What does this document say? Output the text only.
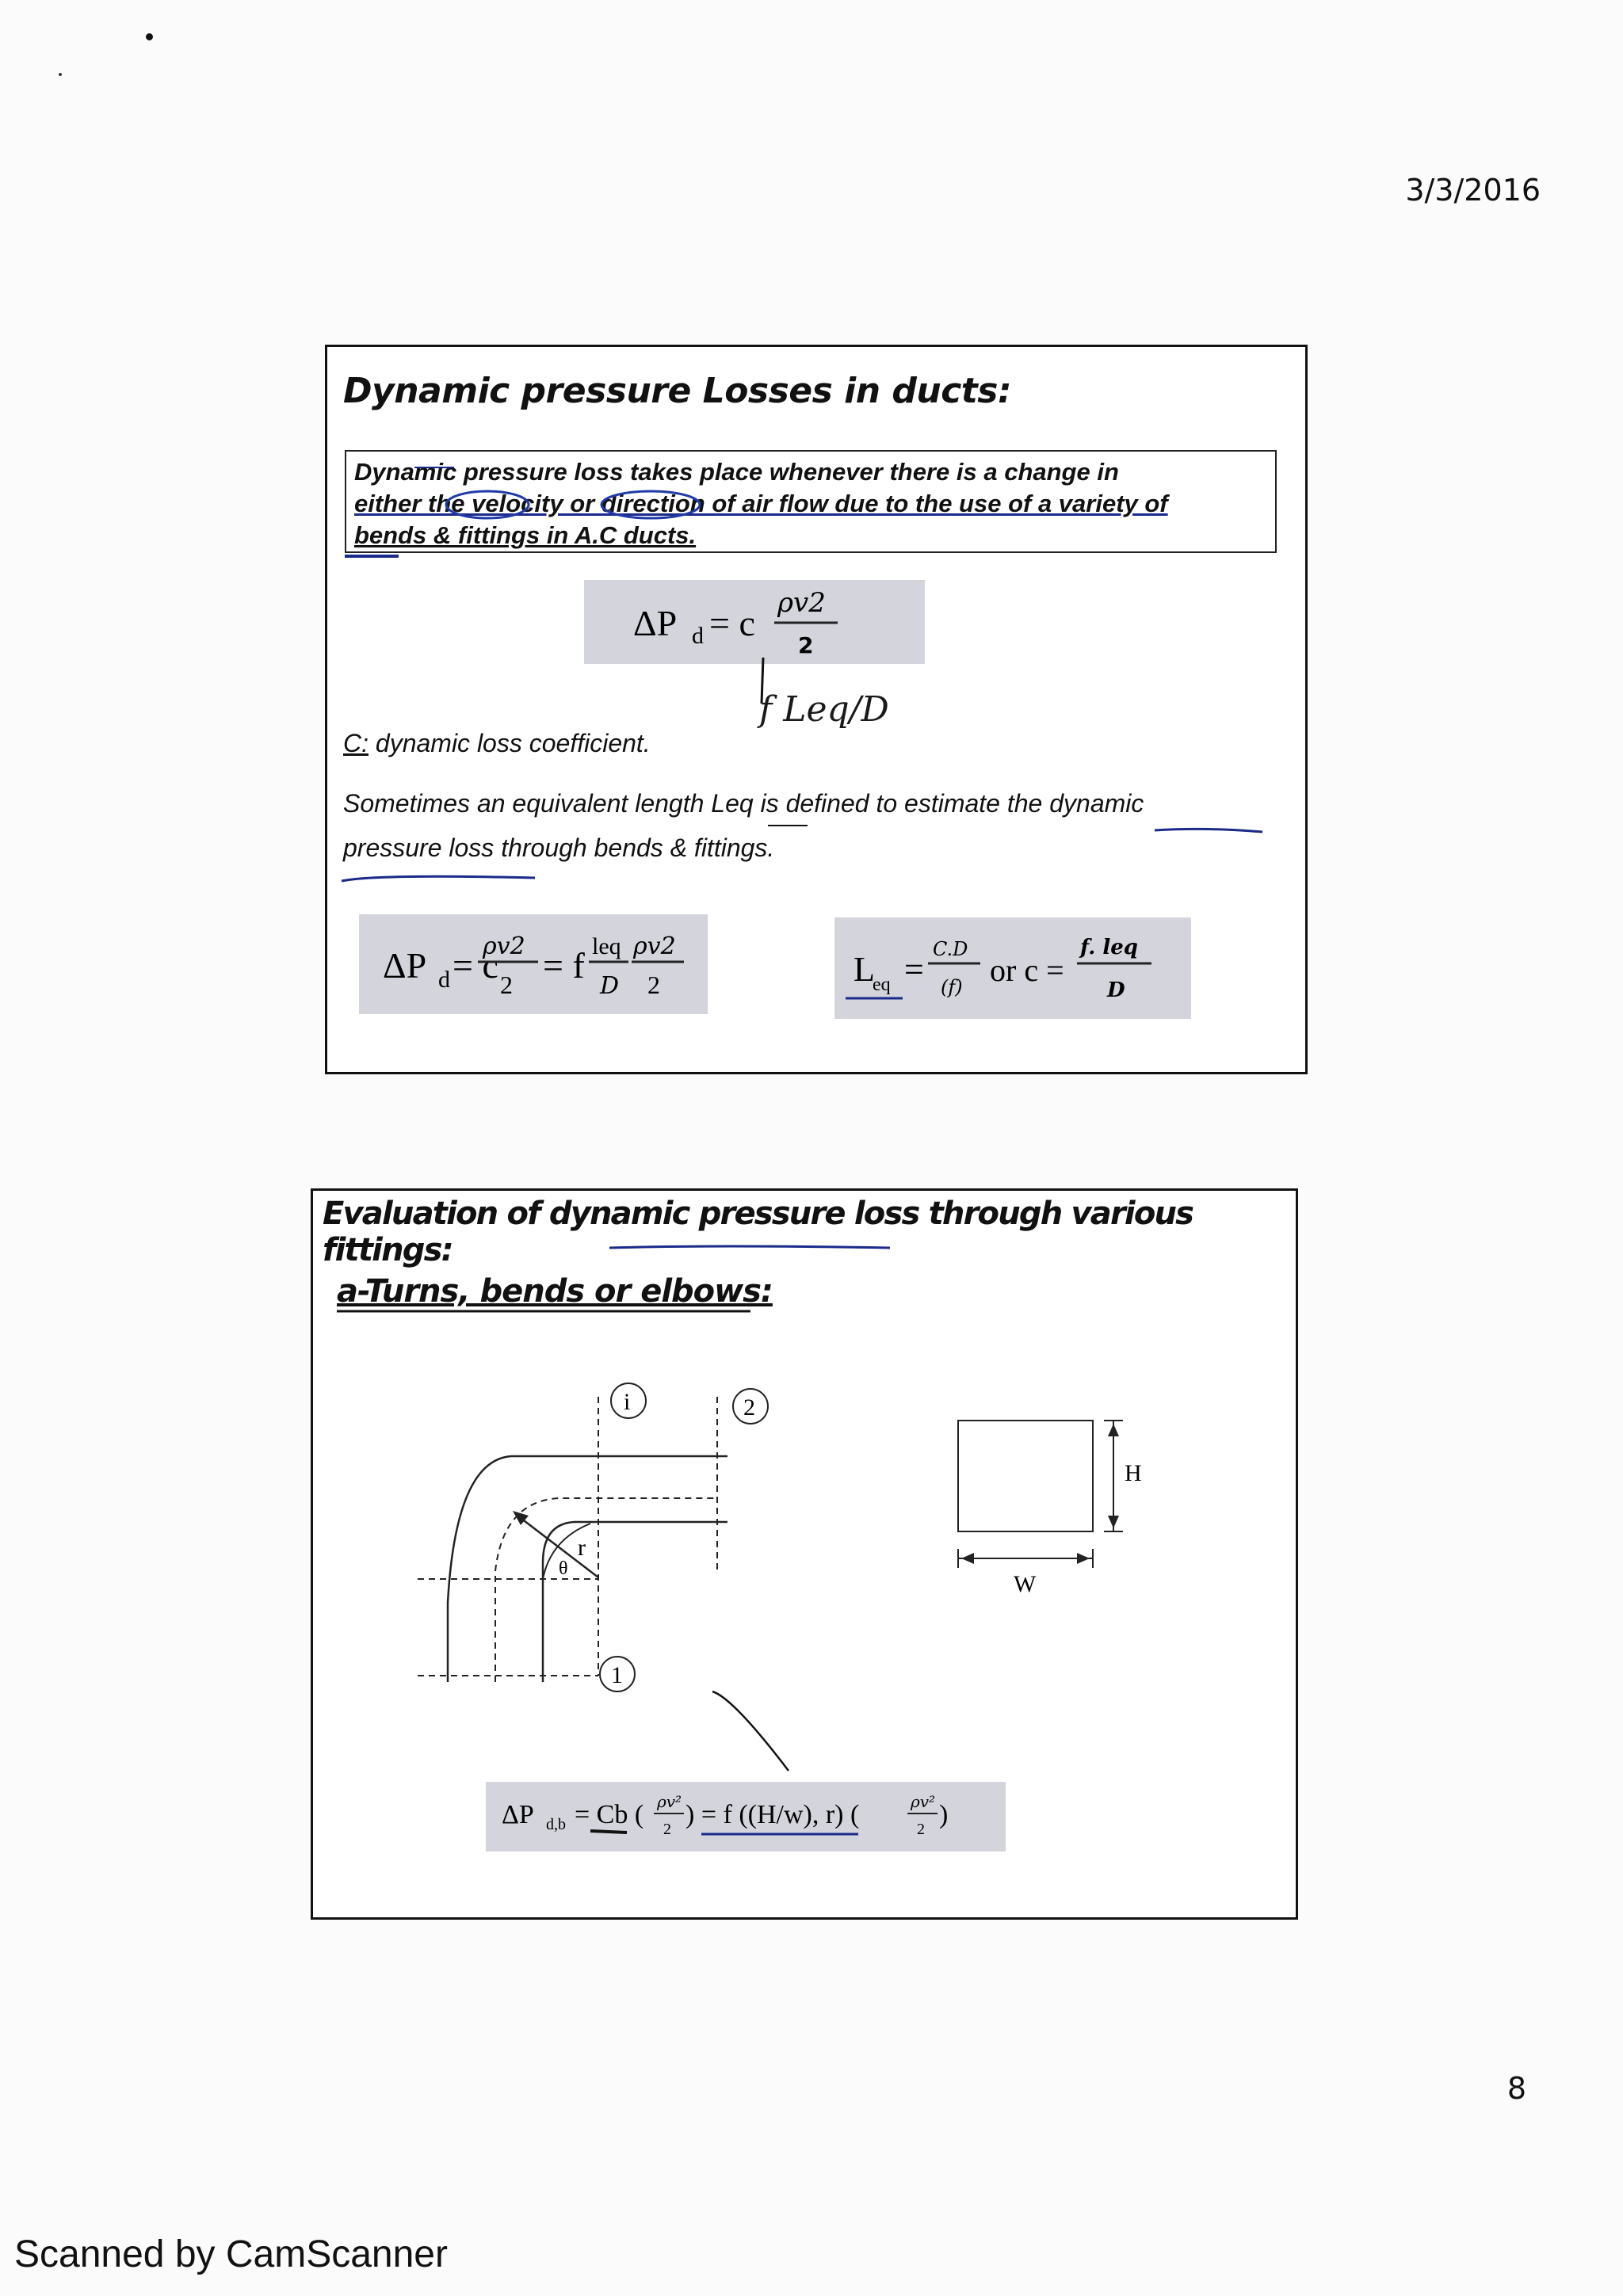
3/3/2016
Dynamic pressure Losses in ducts:
Dynamic pressure loss takes place whenever there is a change in
either the velocity or direction of air flow due to the use of a variety of
bends & fittings in A.C ducts.
ΔP d = c ρv2
2
f Leq/D
C: dynamic loss coefficient.
Sometimes an equivalent length Leq is defined to estimate the dynamic
pressure loss through bends & fittings.
ΔP d = c
ρv2
2 = f leq
D
ρv2
2	L
eq =
C.D
(f) or c =
f. leq
D
Evaluation of dynamic pressure loss through various fittings:
a-Turns, bends or elbows:
r
θ
i	2
1
H
W
ΔP d,b = Cb ( ρv²
2 ) = f ((H/w), r) (	ρv²
2 )
8
Scanned by CamScanner
